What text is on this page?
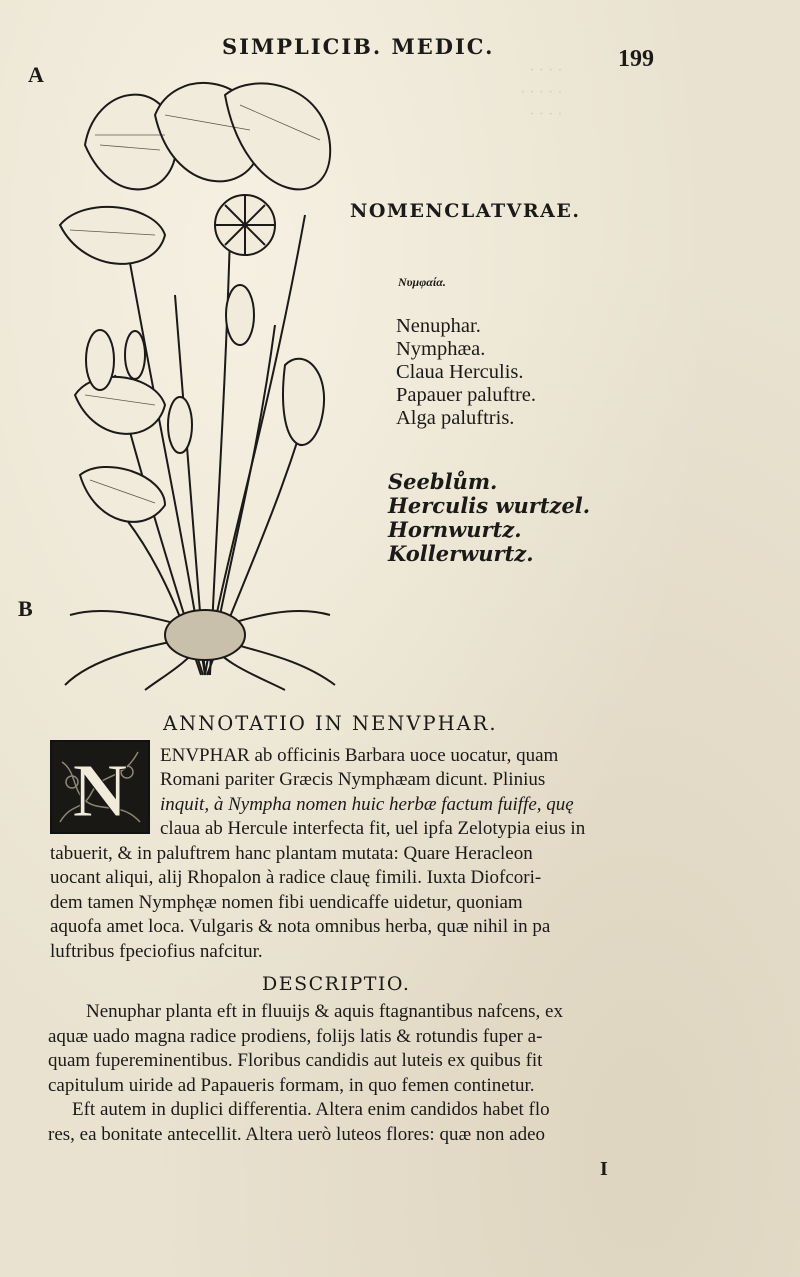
· · · ·
· · · · ·
· · · ·
SIMPLICIB. MEDIC.	199
A
B
NOMENCLATVRAE.
Νυμφαία.
Nenuphar.
Nymphæa.
Claua Herculis.
Papauer paluftre.
Alga paluftris.
Seeblům.
Herculis wurtzel.
Hornwurtz.
Kollerwurtz.
ANNOTATIO IN NENVPHAR.
N ENVPHAR ab officinis Barbara uoce uocatur, quam
Romani pariter Græcis Nymphæam dicunt. Plinius
inquit, à Nympha nomen huic herbæ factum fuiffe, quę
claua ab Hercule interfecta fit, uel ipfa Zelotypia eius in
tabuerit, & in paluftrem hanc plantam mutata: Quare Heracleon
uocant aliqui, alij Rhopalon à radice clauę fimili. Iuxta Diofcori-
dem tamen Nymphęæ nomen fibi uendicaffe uidetur, quoniam
aquofa amet loca. Vulgaris & nota omnibus herba, quæ nihil in pa
luftribus fpeciofius nafcitur.
DESCRIPTIO.
Nenuphar planta eft in fluuijs & aquis ftagnantibus nafcens, ex
aquæ uado magna radice prodiens, folijs latis & rotundis fuper a-
quam fupereminentibus. Floribus candidis aut luteis ex quibus fit
capitulum uiride ad Papaueris formam, in quo femen continetur.
Eft autem in duplici differentia. Altera enim candidos habet flo
res, ea bonitate antecellit. Altera uerò luteos flores: quæ non adeo
I
